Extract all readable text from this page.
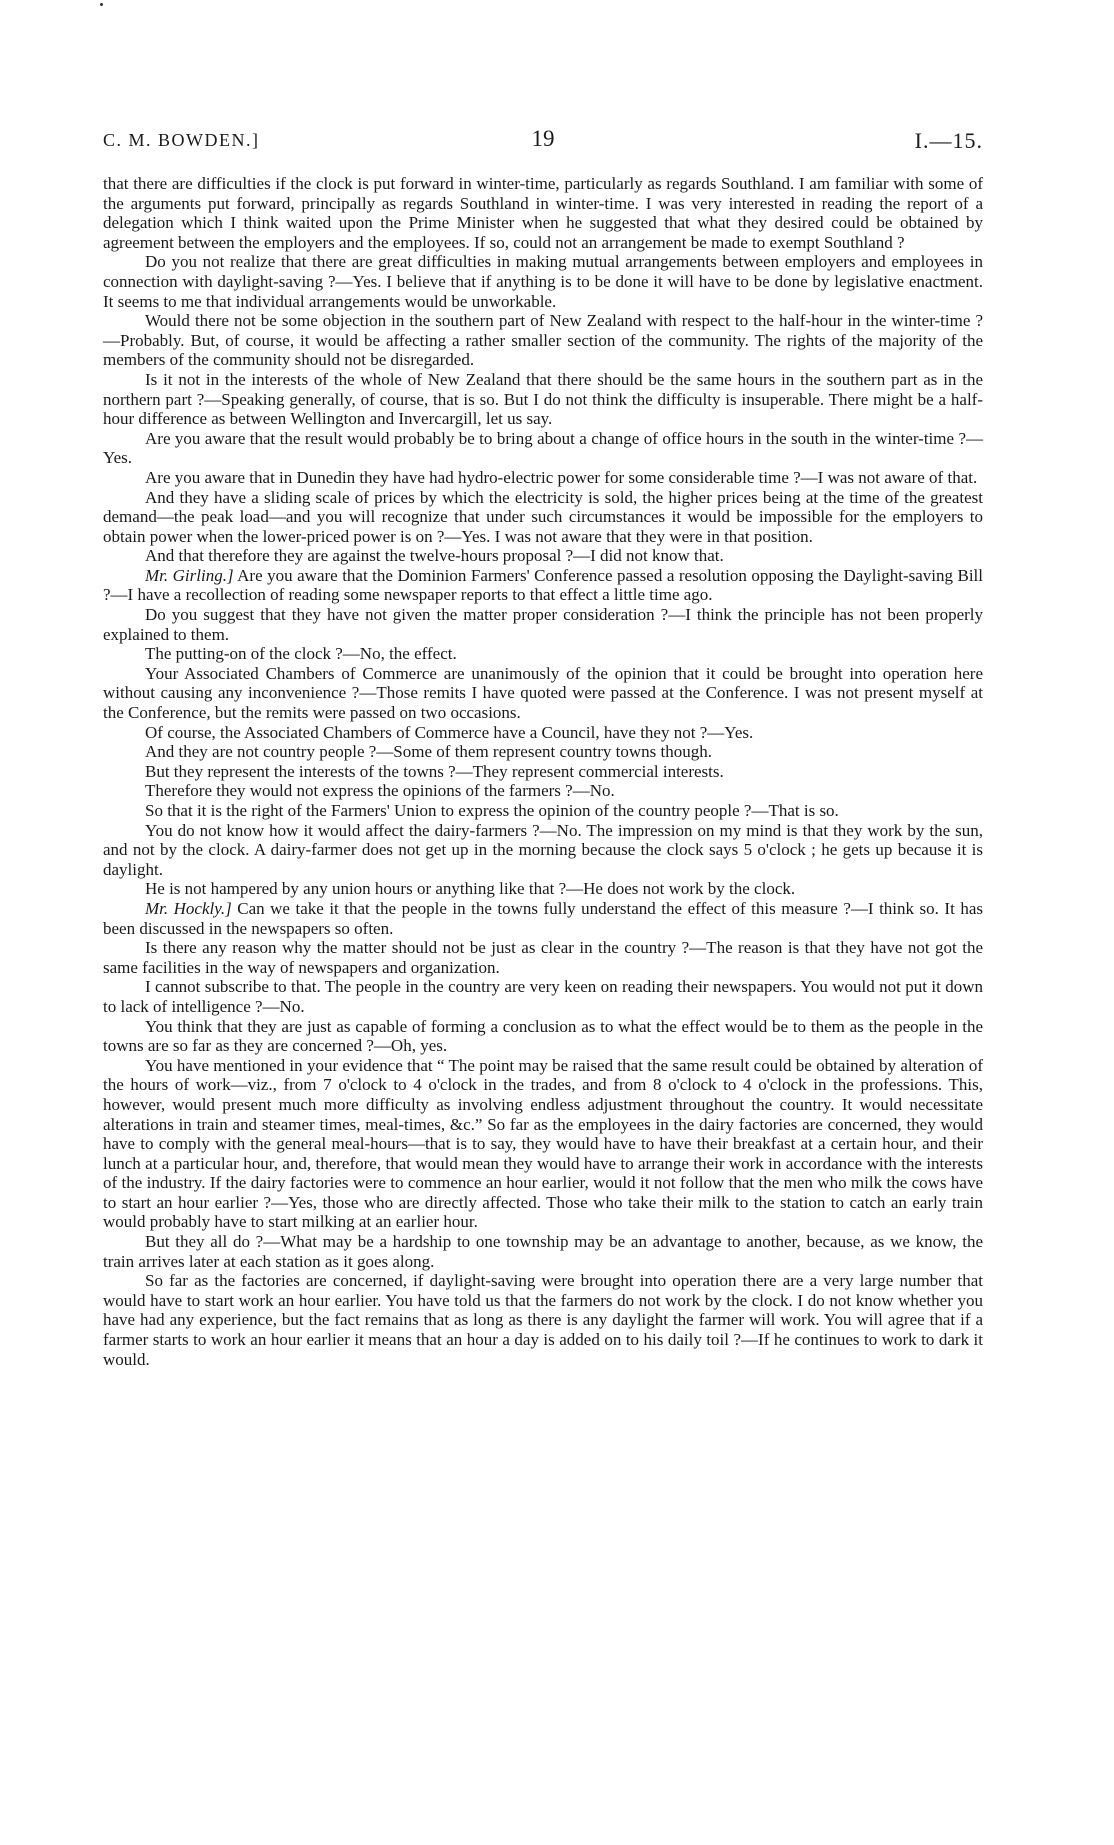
C. M. BOWDEN.]	19	I.—15.

that there are difficulties if the clock is put forward in winter-time, particularly as regards Southland. I am familiar with some of the arguments put forward, principally as regards Southland in winter-time. I was very interested in reading the report of a delegation which I think waited upon the Prime Minister when he suggested that what they desired could be obtained by agreement between the employers and the employees. If so, could not an arrangement be made to exempt Southland ?

Do you not realize that there are great difficulties in making mutual arrangements between employers and employees in connection with daylight-saving ?—Yes. I believe that if anything is to be done it will have to be done by legislative enactment. It seems to me that individual arrangements would be unworkable.

Would there not be some objection in the southern part of New Zealand with respect to the half-hour in the winter-time ?—Probably. But, of course, it would be affecting a rather smaller section of the community. The rights of the majority of the members of the community should not be disregarded.

Is it not in the interests of the whole of New Zealand that there should be the same hours in the southern part as in the northern part ?—Speaking generally, of course, that is so. But I do not think the difficulty is insuperable. There might be a half-hour difference as between Wellington and Invercargill, let us say.

Are you aware that the result would probably be to bring about a change of office hours in the south in the winter-time ?—Yes.

Are you aware that in Dunedin they have had hydro-electric power for some considerable time ?—I was not aware of that.

And they have a sliding scale of prices by which the electricity is sold, the higher prices being at the time of the greatest demand—the peak load—and you will recognize that under such circumstances it would be impossible for the employers to obtain power when the lower-priced power is on ?—Yes. I was not aware that they were in that position.

And that therefore they are against the twelve-hours proposal ?—I did not know that.

Mr. Girling.] Are you aware that the Dominion Farmers' Conference passed a resolution opposing the Daylight-saving Bill ?—I have a recollection of reading some newspaper reports to that effect a little time ago.

Do you suggest that they have not given the matter proper consideration ?—I think the principle has not been properly explained to them.

The putting-on of the clock ?—No, the effect.

Your Associated Chambers of Commerce are unanimously of the opinion that it could be brought into operation here without causing any inconvenience ?—Those remits I have quoted were passed at the Conference. I was not present myself at the Conference, but the remits were passed on two occasions.

Of course, the Associated Chambers of Commerce have a Council, have they not ?—Yes.

And they are not country people ?—Some of them represent country towns though.

But they represent the interests of the towns ?—They represent commercial interests.

Therefore they would not express the opinions of the farmers ?—No.

So that it is the right of the Farmers' Union to express the opinion of the country people ?—That is so.

You do not know how it would affect the dairy-farmers ?—No. The impression on my mind is that they work by the sun, and not by the clock. A dairy-farmer does not get up in the morning because the clock says 5 o'clock ; he gets up because it is daylight.

He is not hampered by any union hours or anything like that ?—He does not work by the clock.

Mr. Hockly.] Can we take it that the people in the towns fully understand the effect of this measure ?—I think so. It has been discussed in the newspapers so often.

Is there any reason why the matter should not be just as clear in the country ?—The reason is that they have not got the same facilities in the way of newspapers and organization.

I cannot subscribe to that. The people in the country are very keen on reading their newspapers. You would not put it down to lack of intelligence ?—No.

You think that they are just as capable of forming a conclusion as to what the effect would be to them as the people in the towns are so far as they are concerned ?—Oh, yes.

You have mentioned in your evidence that “ The point may be raised that the same result could be obtained by alteration of the hours of work—viz., from 7 o'clock to 4 o'clock in the trades, and from 8 o'clock to 4 o'clock in the professions. This, however, would present much more difficulty as involving endless adjustment throughout the country. It would necessitate alterations in train and steamer times, meal-times, &c.” So far as the employees in the dairy factories are concerned, they would have to comply with the general meal-hours—that is to say, they would have to have their breakfast at a certain hour, and their lunch at a particular hour, and, therefore, that would mean they would have to arrange their work in accordance with the interests of the industry. If the dairy factories were to commence an hour earlier, would it not follow that the men who milk the cows have to start an hour earlier ?—Yes, those who are directly affected. Those who take their milk to the station to catch an early train would probably have to start milking at an earlier hour.

But they all do ?—What may be a hardship to one township may be an advantage to another, because, as we know, the train arrives later at each station as it goes along.

So far as the factories are concerned, if daylight-saving were brought into operation there are a very large number that would have to start work an hour earlier. You have told us that the farmers do not work by the clock. I do not know whether you have had any experience, but the fact remains that as long as there is any daylight the farmer will work. You will agree that if a farmer starts to work an hour earlier it means that an hour a day is added on to his daily toil ?—If he continues to work to dark it would.
